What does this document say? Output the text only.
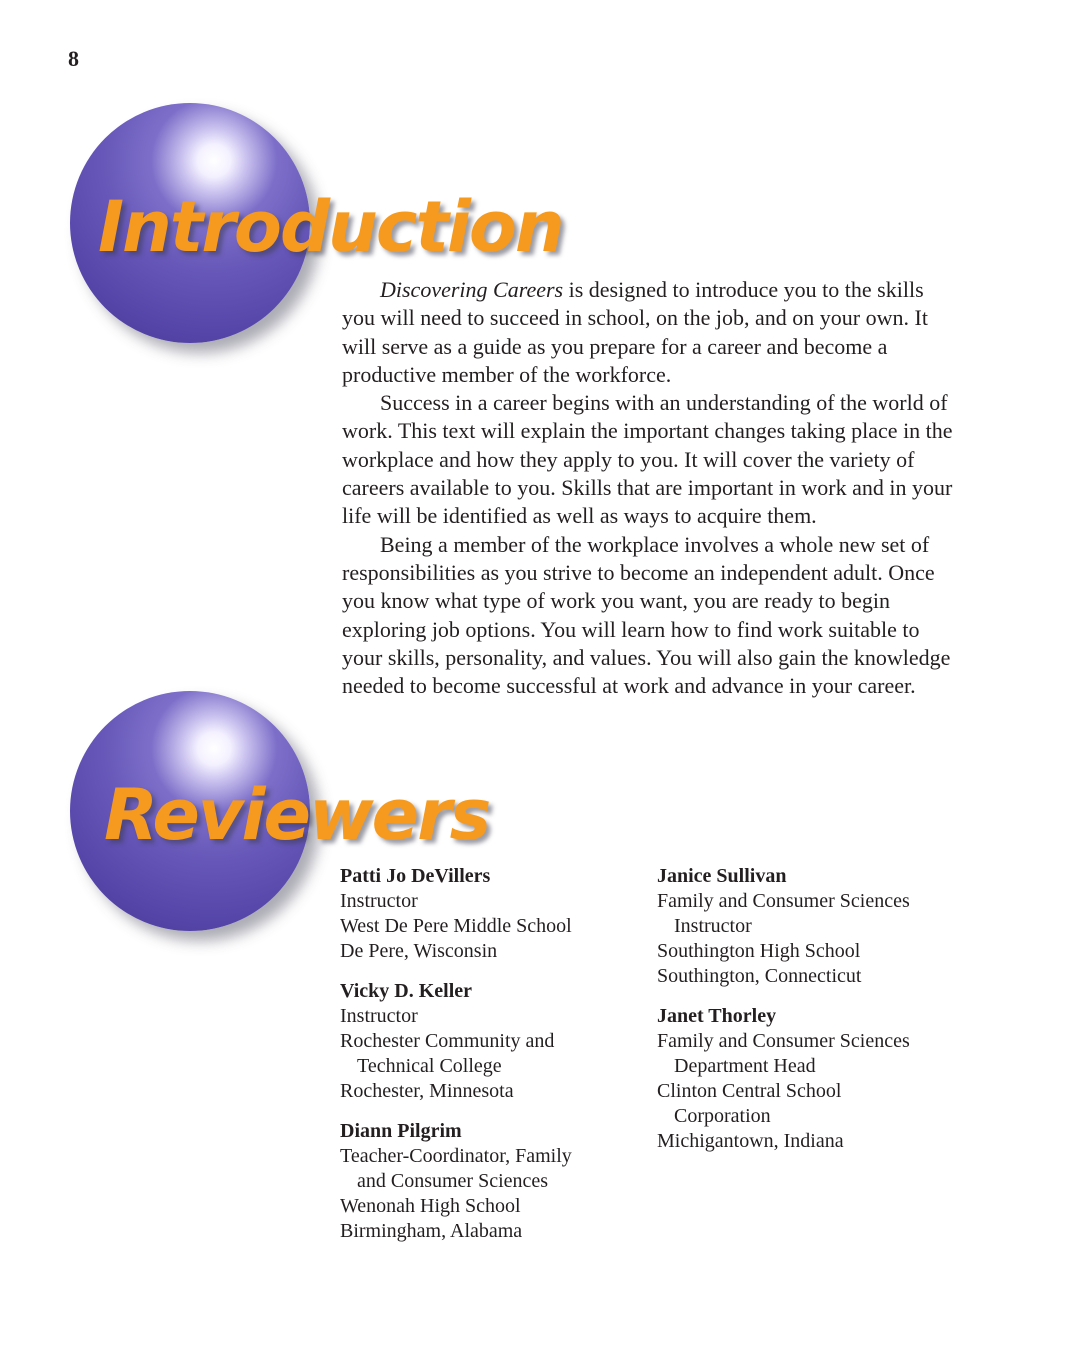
8
Introduction

Discovering Careers is designed to introduce you to the skills you will need to succeed in school, on the job, and on your own. It will serve as a guide as you prepare for a career and become a productive member of the workforce.

Success in a career begins with an understanding of the world of work. This text will explain the important changes taking place in the workplace and how they apply to you. It will cover the variety of careers available to you. Skills that are important in work and in your life will be identified as well as ways to acquire them.

Being a member of the workplace involves a whole new set of responsibilities as you strive to become an independent adult. Once you know what type of work you want, you are ready to begin exploring job options. You will learn how to find work suitable to your skills, personality, and values. You will also gain the knowledge needed to become successful at work and advance in your career.

Reviewers
Patti Jo DeVillers
Instructor
West De Pere Middle School
De Pere, Wisconsin
Vicky D. Keller
Instructor
Rochester Community and
Technical College
Rochester, Minnesota
Diann Pilgrim
Teacher-Coordinator, Family
and Consumer Sciences
Wenonah High School
Birmingham, Alabama
Janice Sullivan
Family and Consumer Sciences
Instructor
Southington High School
Southington, Connecticut
Janet Thorley
Family and Consumer Sciences
Department Head
Clinton Central School
Corporation
Michigantown, Indiana
